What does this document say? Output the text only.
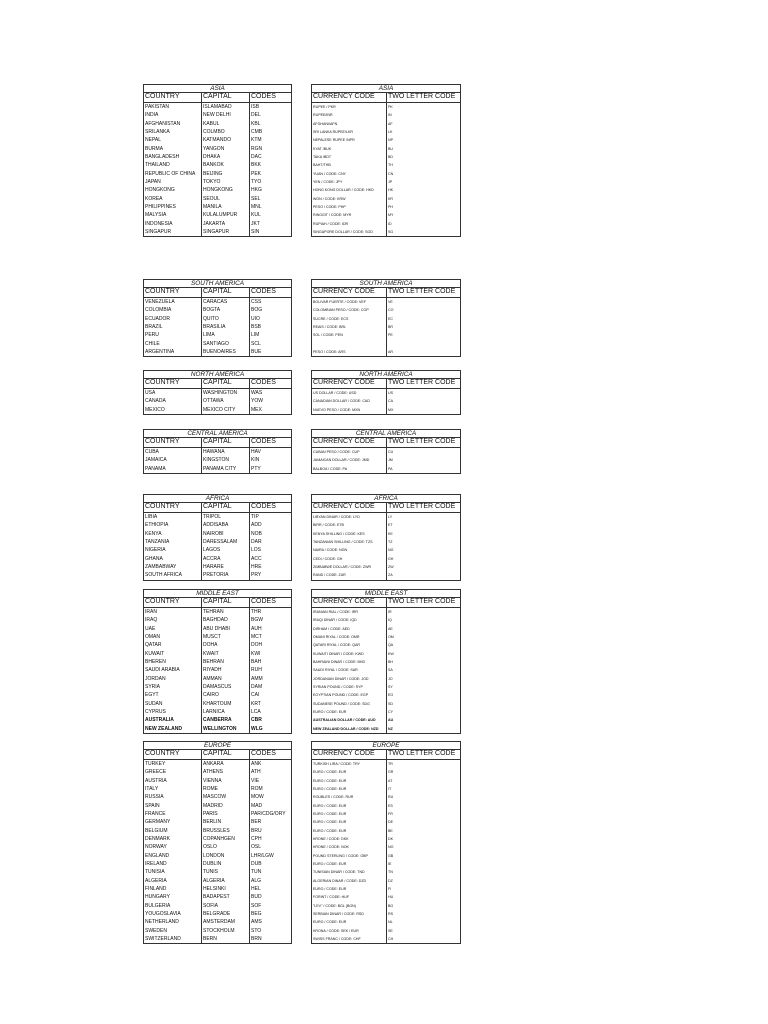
ASIA
COUNTRY	CAPITAL	CODES
PAKISTAN	ISLAMABAD	ISB
INDIA	NEW DELHI	DEL
AFGHANISTAN	KABUL	KBL
SRILANKA	COLMBO	CMB
NEPAL	KATMANDO	KTM
BURMA	YANGON	RGN
BANGLADESH	DHAKA	DAC
THAILAND	BANKOK	BKK
REPUBLIC OF CHINA	BEIJING	PEK
JAPAN	TOKYO	TYO
HONGKONG	HONGKONG	HKG
KOREA	SEOUL	SEL
PHILIPPINES	MANILA	MNL
MALYSIA	KULALUMPUR	KUL
INDONESIA	JAKARTA	JKT
SINGAPUR	SINGAPUR	SIN
ASIA
CURRENCY CODE	TWO LETTER CODE
RUPEE / PKR	PK
RUPEE/INR	IN
AFGHANI/AFN	AF
SRI LANKA RUPEE/LKR	LK
NEPALESE RUPEE /NPR	NP
KYAT /BUK	BU
TAKA /BDT	BD
BAHT/THB	TH
YUAN / CODE: CNY	CN
YEN / CODE: JPY	JP
HONG KONG DOLLAR / CODE: HKD	HK
WON / CODE: KRW	KR
PESO / CODE: PHP	PH
RINGGIT / CODE: MYR	MY
RUPIAH / CODE: IDR	ID
SINGAPORE DOLLAR / CODE: SGD	SG
SOUTH AMERICA
COUNTRY	CAPITAL	CODES
VENEZUELA	CARACAS	CSS
COLOMBIA	BOGTA	BOG
ECUADOR	QUITO	UIO
BRAZIL	BRASILIA	BSB
PERU	LIMA	LIM
CHILE	SANTIAGO	SCL
ARGENTINA	BUENOAIRES	BUE
SOUTH AMERICA
CURRENCY CODE	TWO LETTER CODE
BOLIVAR FUERTE / CODE: VEF	VE
COLOMBIAN PESO / CODE: COP	CO
SUCRE / CODE: ECS	EC
REAIS / CODE: BRL	BR
SOL / CODE: PEN	PE
PESO / CODE: ARS	AR
NORTH AMERICA
COUNTRY	CAPITAL	CODES
USA	WASHINGTON	WAS
CANADA	OTTAWA	YOW
MEXICO	MEXICO CITY	MEX
NORTH AMERICA
CURRENCY CODE	TWO LETTER CODE
US DOLLAR / CODE: USD	US
CANADIAN DOLLAR / CODE: CAD	CA
NUEVO PESO / CODE: MXN	MX
CENTRAL AMERICA
COUNTRY	CAPITAL	CODES
CUBA	HAWANA	HAV
JAMAICA	KINGSTON	KIN
PANAMA	PANAMA CITY	PTY
CENTRAL AMERICA
CURRENCY CODE	TWO LETTER CODE
CUBAN PESO / CODE: CUP	CU
JAMAICAN DOLLAR / CODE: JMD	JM
BALBOA / CODE: PA	PA
AFRICA
COUNTRY	CAPITAL	CODES
LIBIA	TRIPOL	TIP
ETHIOPIA	ADDISABA	ADD
KENYA	NAIROBI	NOB
TANZANIA	DARESSALAM	DAR
NIGERIA	LAGOS	LOS
GHANA	ACCRA	ACC
ZAMBABWAY	HARARE	HRE
SOUTH AFRICA	PRETORIA	PRY
AFRICA
CURRENCY CODE	TWO LETTER CODE
LIBYAN DINAR / CODE: LYD	LY
BIRR / CODE: ETB	ET
KENYA SHILLING / CODE: KES	KE
TANZANIAN SHILLING / CODE: TZS	TZ
NAIRA / CODE: NGN	NG
CEDI / CODE: GH	GH
ZIMBABWE DOLLAR / CODE: ZWR	ZW
RAND / CODE: ZAR	ZA
MIDDLE EAST
COUNTRY	CAPITAL	CODES
IRAN	TEHRAN	THR
IRAQ	BAGHDAD	BGW
UAE	ABU DHABI	AUH
OMAN	MUSCT	MCT
QATAR	DOHA	DOH
KUWAIT	KWAIT	KWI
BHEREN	BEHRAN	BAH
SAUDI ARABIA	RIYADH	RUH
JORDAN	AMMAN	AMM
SYRIA	DAMASCUS	DAM
EGYT	CAIRO	CAI
SUDAN	KHARTOUM	KRT
CYPRUS	LARNICA	LCA
AUSTRALIA	CANBERRA	CBR
NEW ZEALAND	WELLINGTON	WLG
MIDDLE EAST
CURRENCY CODE	TWO LETTER CODE
IRANIAN RIAL / CODE: IRR	IR
IRAQI DINAR / CODE: IQD	IQ
DIRHAM / CODE: AED	AE
OMANI RIYAL / CODE: OMR	OM
QATARI RIYAL / CODE: QAR	QA
KUWAITI DINAR / CODE: KWD	KW
BAHRAINI DINAR / CODE: BHD	BH
SAUDI RIYAL / CODE: SAR	SA
JORDANIAN DINAR / CODE: JOD	JO
SYRIAN POUND / CODE: SYP	SY
EGYPTIAN POUND / CODE: EGP	EG
SUDANESE POUND / CODE: SDG	SD
EURO / CODE: EUR	CY
AUSTRALIAN DOLLAR / CODE: AUD	AU
NEW ZEALAND DOLLAR / CODE: NZD	NZ
EUROPE
COUNTRY	CAPITAL	CODES
TURKEY	ANKARA	ANK
GREECE	ATHENS	ATH
AUSTRIA	VIENNA	VIE
ITALY	ROME	ROM
RUSSIA	MASCOW	MOW
SPAIN	MADRID	MAD
FRANCE	PARIS	PAR/CDG/ORY
GERMANY	BERLIN	BER
BELGIUM	BRUSSLES	BRU
DENMARK	COPANHGEN	CPH
NORWAY	OSLO	OSL
ENGLAND	LONDON	LHR/LGW
IRELAND	DUBLIN	DUB
TUNISIA	TUNIS	TUN
ALGERIA	ALGERIA	ALG
FINLAND	HELSINKI	HEL
HUNGARY	BADAPEST	BUD
BULGERIA	SOFIA	SOF
YOUGOSLAVIA	BELGRADE	BEG
NETHERLAND	AMSTERDAM	AMS
SWEDEN	STOCKHOLM	STO
SWITZERLAND	BERN	BRN
EUROPE
CURRENCY CODE	TWO LETTER CODE
TURKISH LIRA / CODE: TRY	TR
EURO / CODE: EUR	GR
EURO / CODE: EUR	AT
EURO / CODE: EUR	IT
ROUBLES / CODE: RUR	RU
EURO / CODE: EUR	ES
EURO / CODE: EUR	FR
EURO / CODE: EUR	DE
EURO / CODE: EUR	BE
KRONE / CODE: DKK	DK
KRONE / CODE: NOK	NO
POUND STERLING / CODE: GBP	GB
EURO / CODE: EUR	IE
TUNISIAN DINAR / CODE: TND	TN
ALGERIAN DINAR / CODE: DZD	DZ
EURO / CODE: EUR	FI
FORINT / CODE: HUF	HU
"LEV" / CODE: BGL (BGN)	BG
SERBIAN DINAR / CODE: RSD	RS
EURO / CODE: EUR	NL
KRONA / CODE: SEK / EUR	SE
SWISS FRANC / CODE: CHF	CH
